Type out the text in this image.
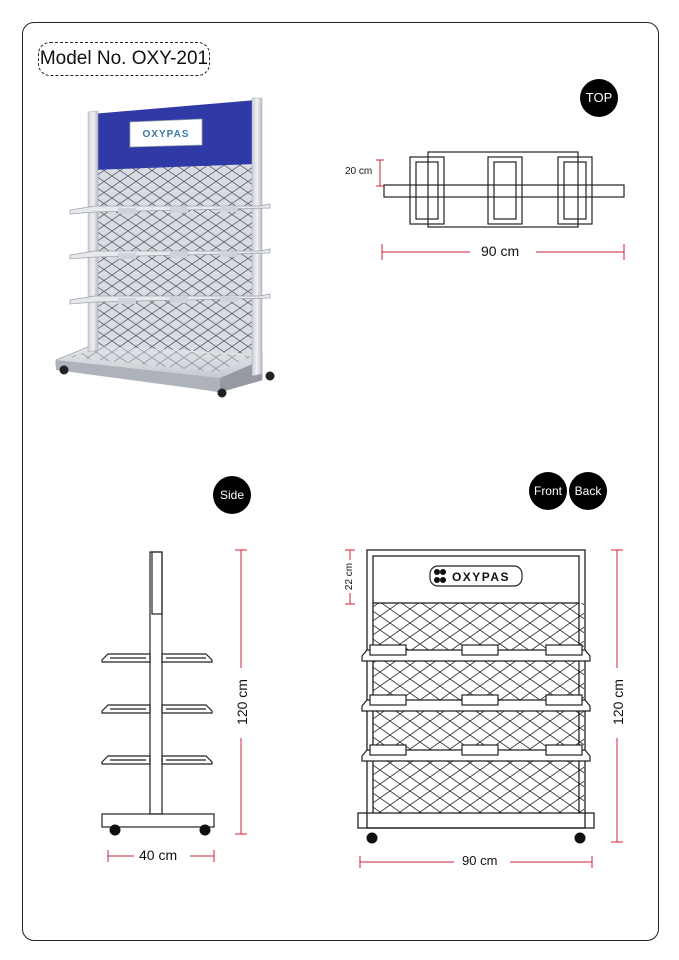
Model No. OXY-201
OXYPAS
OXYPAS
TOP
Side	Front	Back
20 cm
90 cm
120 cm
40 cm
22 cm
120 cm
90 cm
